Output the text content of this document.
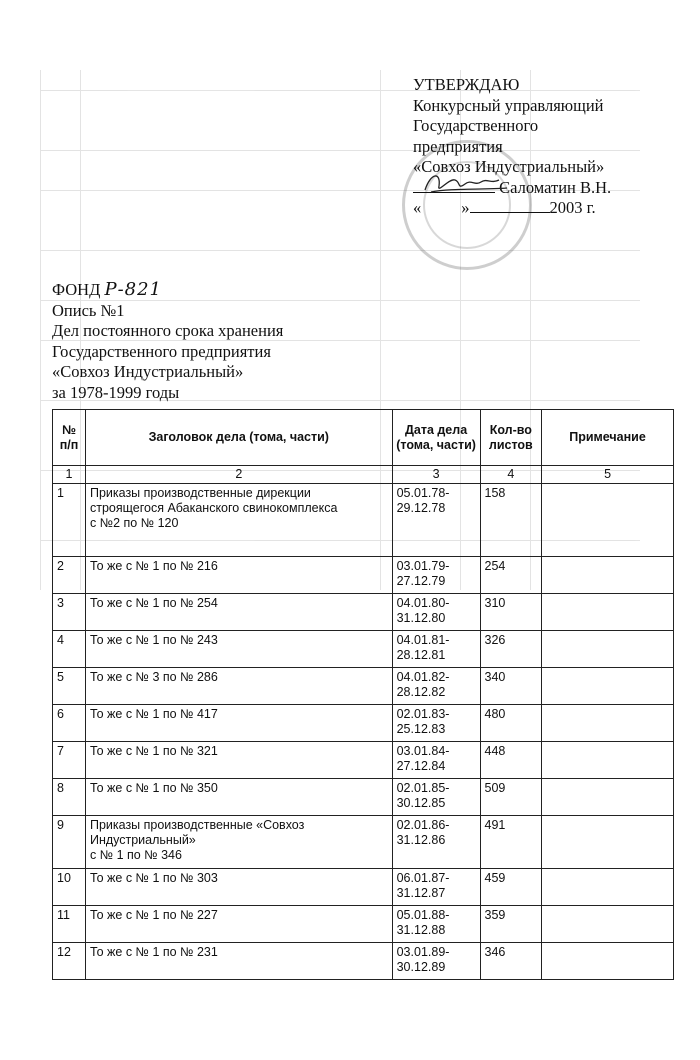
УТВЕРЖДАЮ
Конкурсный управляющий
Государственного
предприятия
«Совхоз Индустриальный»

Саломатин В.Н.
« »	2003 г.
ФОНД Р-821
Опись №1
Дел постоянного срока хранения
Государственного предприятия
«Совхоз Индустриальный»
за 1978-1999 годы
№ п/п	Заголовок дела (тома, части)	Дата дела (тома, части)	Кол-во листов	Примечание
1	2	3	4	5
1	Приказы производственные дирекции строящегося Абаканского свинокомплекса
с №2 по № 120	05.01.78-
29.12.78	158	
2	То же с № 1 по № 216	03.01.79-
27.12.79	254	
3	То же с № 1 по № 254	04.01.80-
31.12.80	310	
4	То же с № 1 по № 243	04.01.81-
28.12.81	326	
5	То же с № 3 по № 286	04.01.82-
28.12.82	340	
6	То же с № 1 по № 417	02.01.83-
25.12.83	480	
7	То же с № 1 по № 321	03.01.84-
27.12.84	448	
8	То же с № 1 по № 350	02.01.85-
30.12.85	509	
9	Приказы производственные «Совхоз Индустриальный»
с № 1 по № 346	02.01.86-
31.12.86	491	
10	То же с № 1 по № 303	06.01.87-
31.12.87	459	
11	То же с № 1 по № 227	05.01.88-
31.12.88	359	
12	То же с № 1 по № 231	03.01.89-
30.12.89	346	
